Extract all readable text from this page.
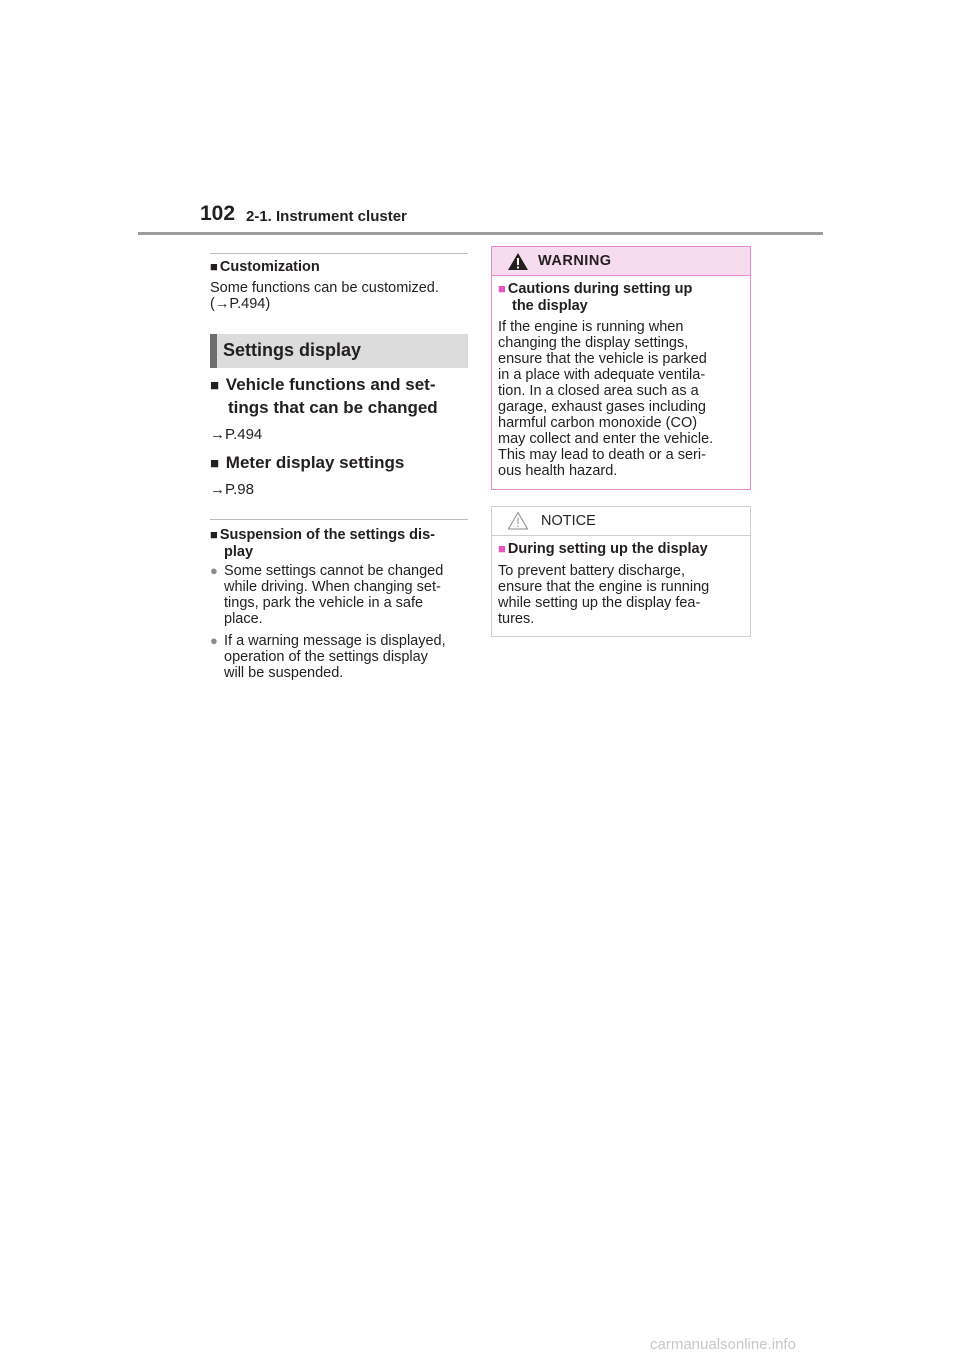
102 2-1. Instrument cluster
■ Customization
Some functions can be customized.
(→P.494)
Settings display
■ Vehicle functions and set-
tings that can be changed
→P.494
■ Meter display settings
→P.98
■ Suspension of the settings dis-
play
● Some settings cannot be changed
while driving. When changing set-
tings, park the vehicle in a safe
place.
● If a warning message is displayed,
operation of the settings display
will be suspended.
WARNING
■ Cautions during setting up
the display
If the engine is running when
changing the display settings,
ensure that the vehicle is parked
in a place with adequate ventila-
tion. In a closed area such as a
garage, exhaust gases including
harmful carbon monoxide (CO)
may collect and enter the vehicle.
This may lead to death or a seri-
ous health hazard.
NOTICE
■ During setting up the display
To prevent battery discharge,
ensure that the engine is running
while setting up the display fea-
tures.
carmanualsonline.info
